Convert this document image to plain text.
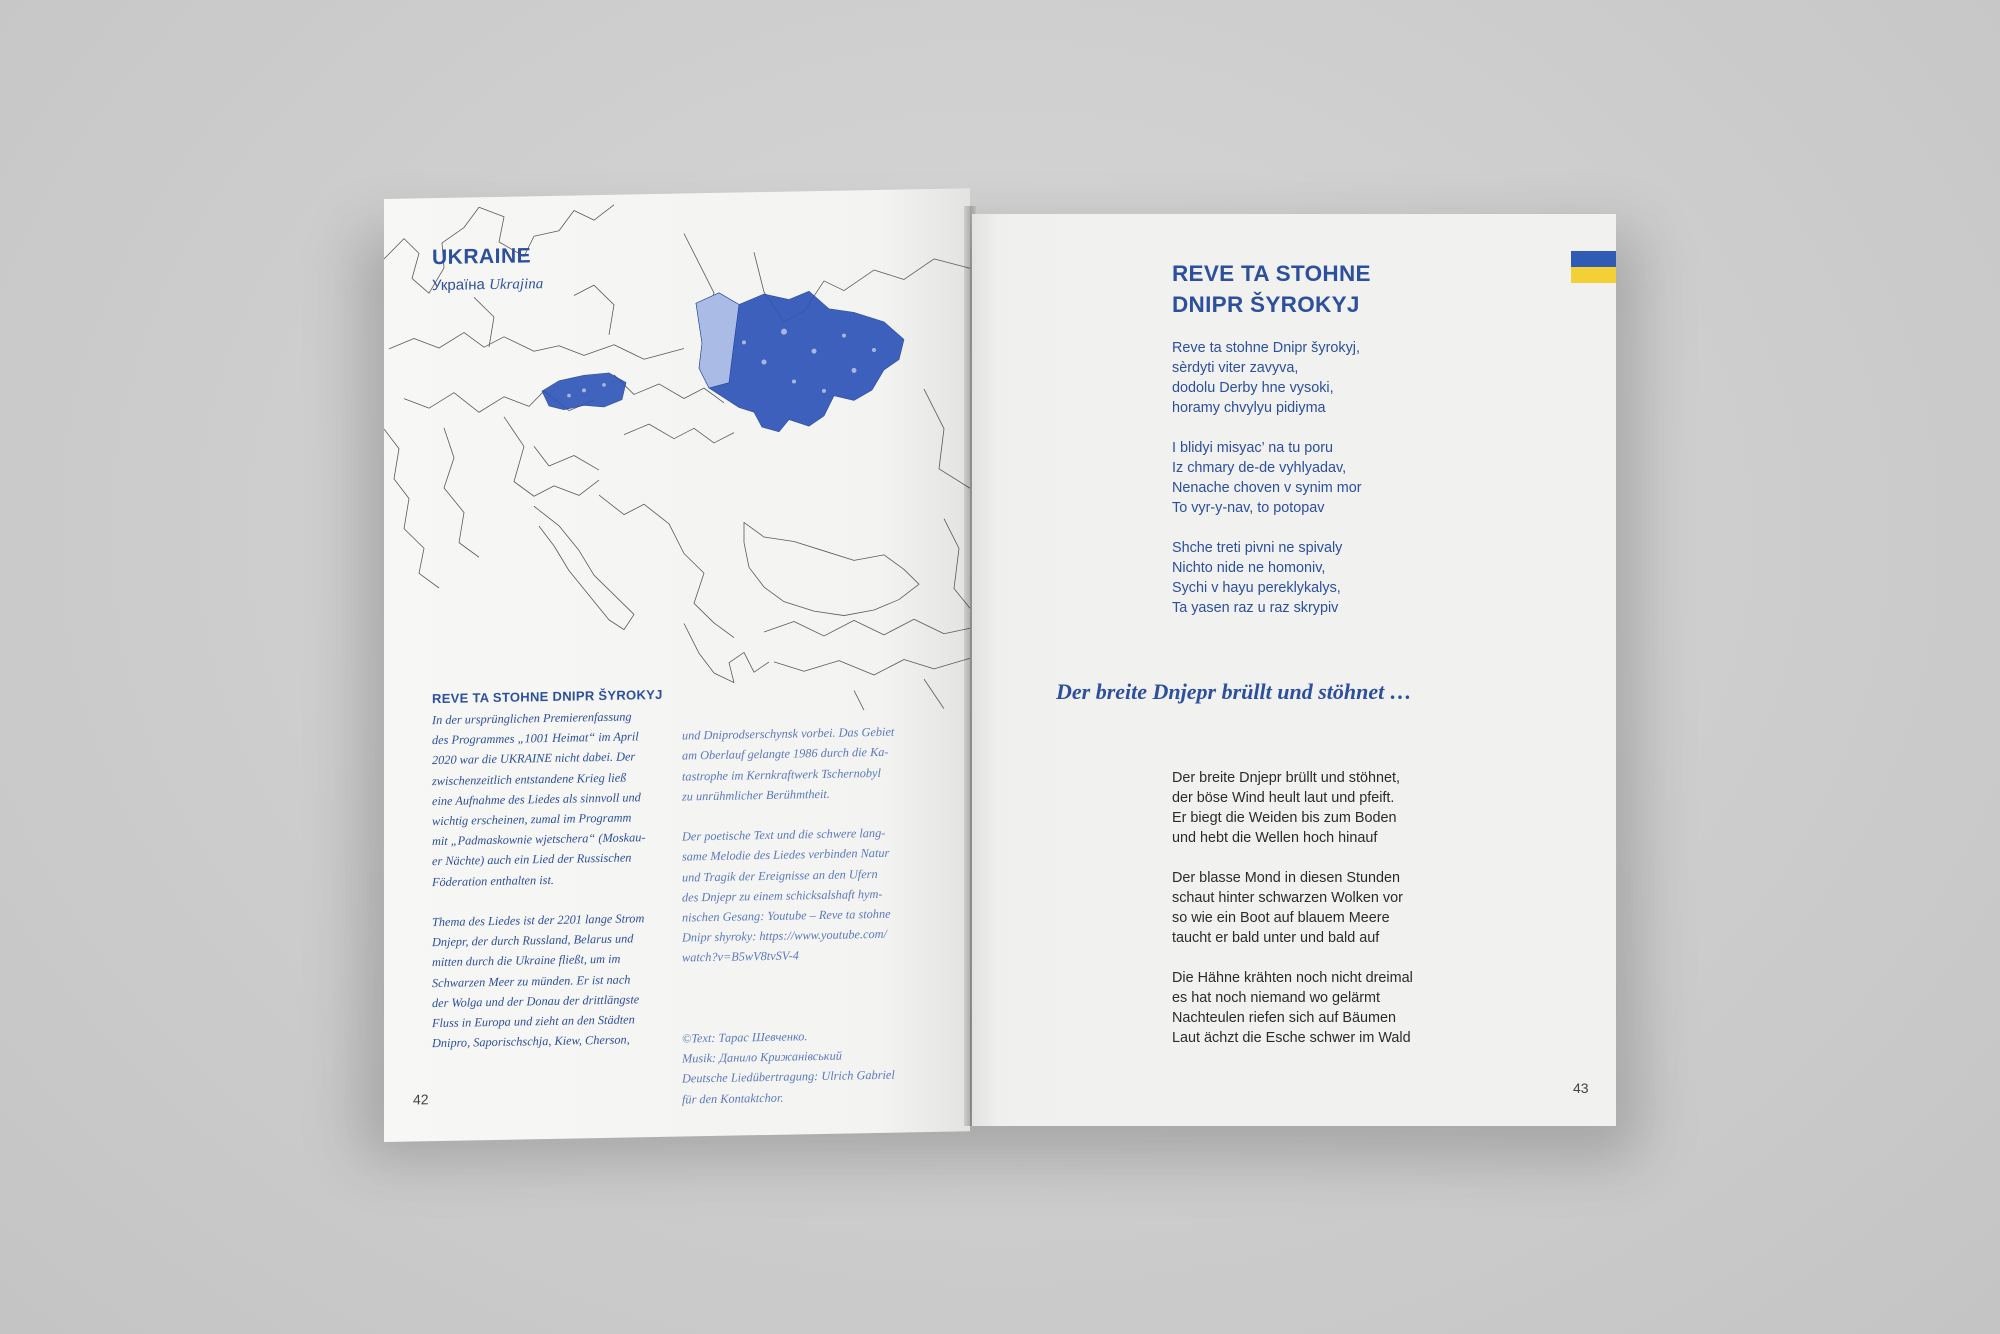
UKRAINE
Україна Ukrajina
REVE TA STOHNE DNIPR ŠYROKYJ
In der ursprünglichen Premierenfassung
des Programmes „1001 Heimat“ im April
2020 war die UKRAINE nicht dabei. Der
zwischenzeitlich entstandene Krieg ließ
eine Aufnahme des Liedes als sinnvoll und
wichtig erscheinen, zumal im Programm
mit „Padmaskownie wjetschera“ (Moskau-
er Nächte) auch ein Lied der Russischen
Föderation enthalten ist.

Thema des Liedes ist der 2201 lange Strom
Dnjepr, der durch Russland, Belarus und
mitten durch die Ukraine fließt, um im
Schwarzen Meer zu münden. Er ist nach
der Wolga und der Donau der drittlängste
Fluss in Europa und zieht an den Städten
Dnipro, Saporischschja, Kiew, Cherson,

und Dniprodserschynsk vorbei. Das Gebiet
am Oberlauf gelangte 1986 durch die Ka-
tastrophe im Kernkraftwerk Tschernobyl
zu unrühmlicher Berühmtheit.

Der poetische Text und die schwere lang-
same Melodie des Liedes verbinden Natur
und Tragik der Ereignisse an den Ufern
des Dnjepr zu einem schicksalshaft hym-
nischen Gesang: Youtube – Reve ta stohne
Dnipr shyroky: https://www.youtube.com/
watch?v=B5wV8tvSV-4

©Text: Тарас Шевченко.
Musik: Данило Крижанівський
Deutsche Liedübertragung: Ulrich Gabriel
für den Kontaktchor.

42
REVE TA STOHNE
DNIPR ŠYROKYJ
Reve ta stohne Dnipr šyrokyj,
sèrdyti viter zavyva,
dodolu Derby hne vysoki,
horamy chvylyu pidiyma
I blidyi misyac’ na tu poru
Iz chmary de-de vyhlyadav,
Nenache choven v synim mor
To vyr-y-nav, to potopav
Shche treti pivni ne spivaly
Nichto nide ne homoniv,
Sychi v hayu pereklykalys,
Ta yasen raz u raz skrypiv
Der breite Dnjepr brüllt und stöhnet …
Der breite Dnjepr brüllt und stöhnet,
der böse Wind heult laut und pfeift.
Er biegt die Weiden bis zum Boden
und hebt die Wellen hoch hinauf
Der blasse Mond in diesen Stunden
schaut hinter schwarzen Wolken vor
so wie ein Boot auf blauem Meere
taucht er bald unter und bald auf
Die Hähne krähten noch nicht dreimal
es hat noch niemand wo gelärmt
Nachteulen riefen sich auf Bäumen
Laut ächzt die Esche schwer im Wald
43
